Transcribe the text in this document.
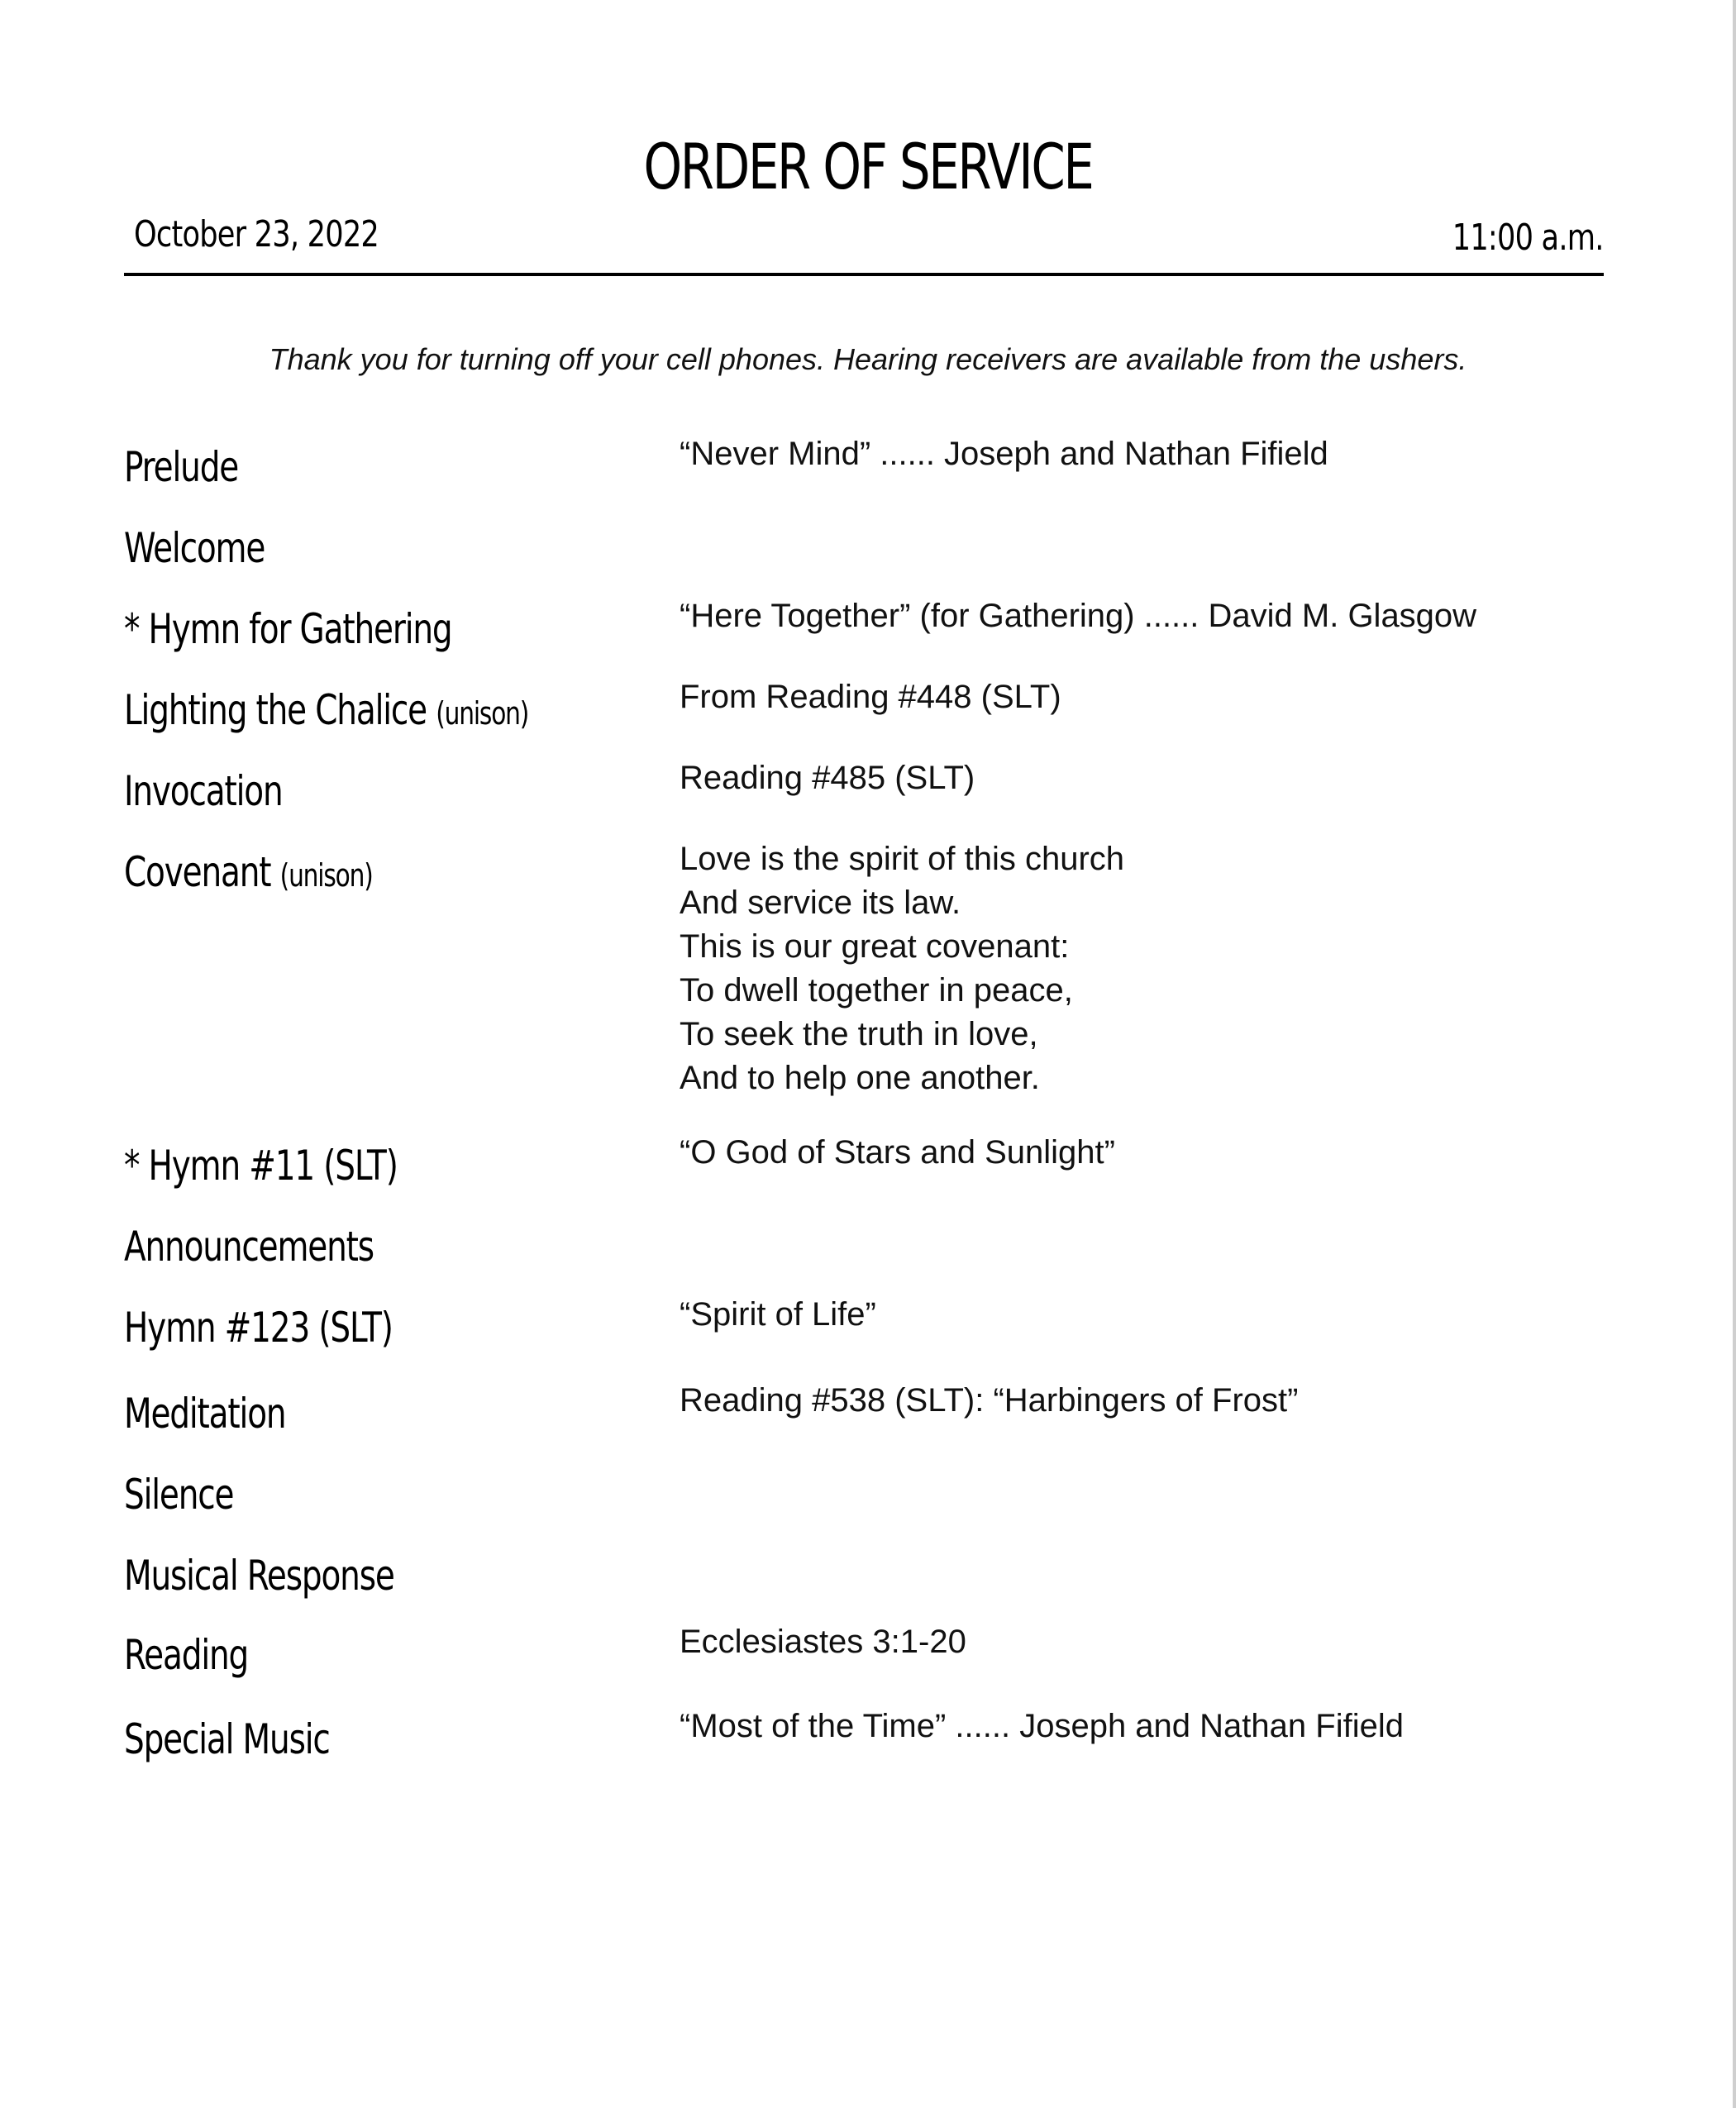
ORDER OF SERVICE
October 23, 2022	11:00 a.m.
Thank you for turning off your cell phones. Hearing receivers are available from the ushers.
Prelude	“Never Mind” ...... Joseph and Nathan Fifield
Welcome
* Hymn for Gathering	“Here Together” (for Gathering) ...... David M. Glasgow
Lighting the Chalice (unison)	From Reading #448 (SLT)
Invocation	Reading #485 (SLT)
Covenant (unison)	Love is the spirit of this church
And service its law.
This is our great covenant:
To dwell together in peace,
To seek the truth in love,
And to help one another.
* Hymn #11 (SLT)	“O God of Stars and Sunlight”
Announcements
Hymn #123 (SLT)	“Spirit of Life”
Meditation	Reading #538 (SLT): “Harbingers of Frost”
Silence
Musical Response
Reading	Ecclesiastes 3:1-20
Special Music	“Most of the Time” ...... Joseph and Nathan Fifield
